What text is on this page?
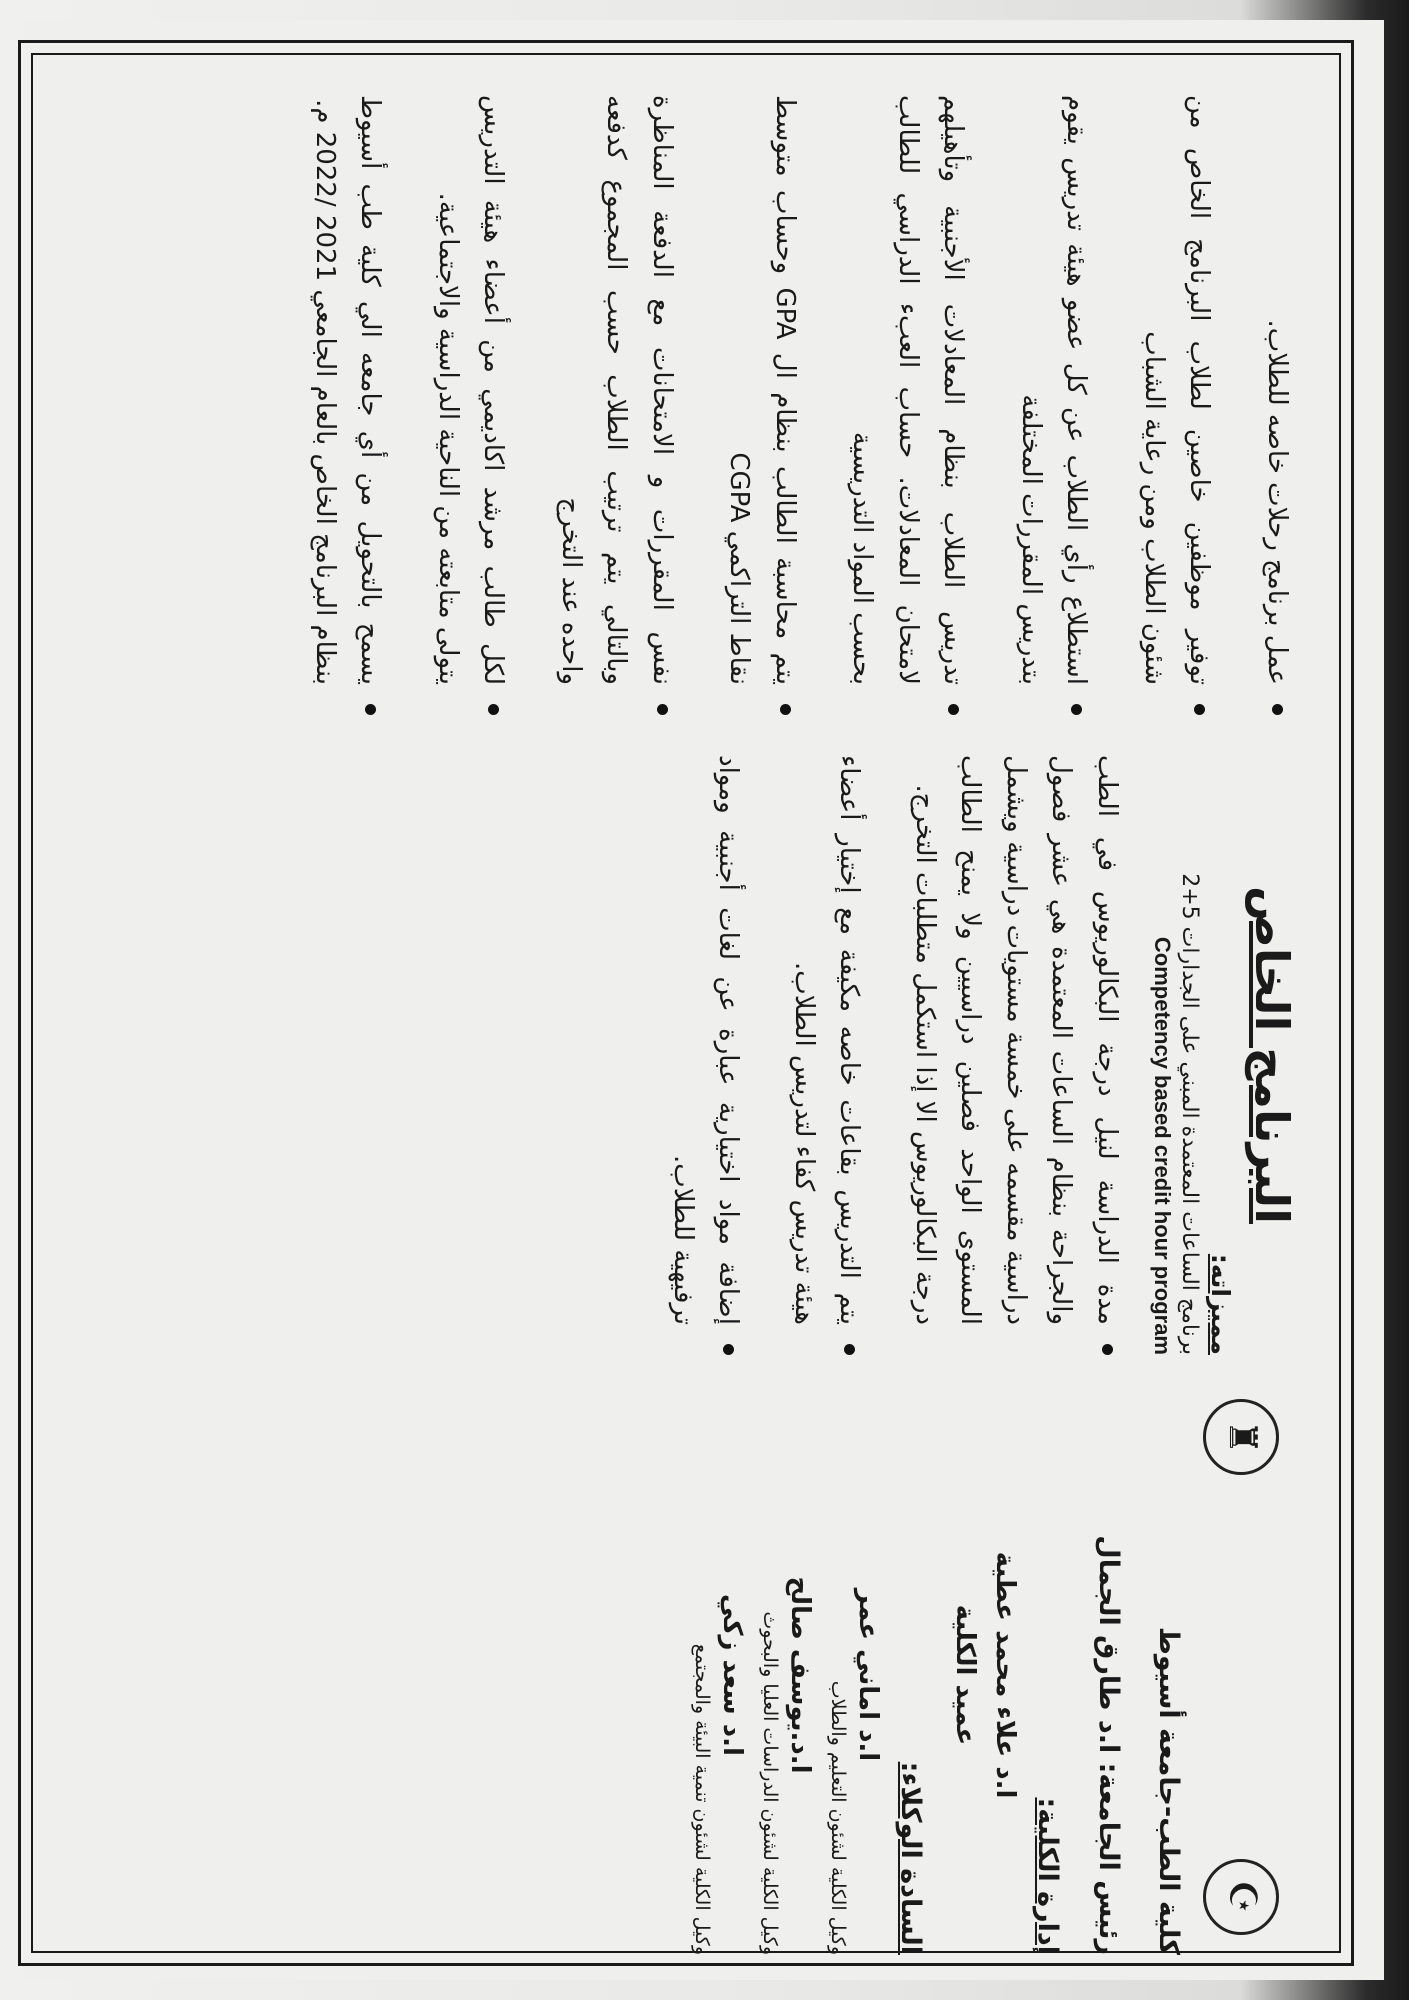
☪
♜
كلية الطب-جامعة أسيوط
رئيس الجامعة: ا.د طارق الجمال
إدارة الكلية:
ا.د علاء محمد عطية
عميد الكلية
السادة الوكلاء:
ا.د اماني عمر
وكيل الكلية لشئون التعليم والطلاب
ا.د.يوسف صالح
وكيل الكلية لشئون الدراسات العليا والبحوث
ا.د سعد زكي
وكيل الكلية لشئون تنمية البيئة والمجتمع
البرنامج الخاص
مميزاته:
برنامج الساعات المعتمدة المبني على الجدارات 5+2
Competency based credit hour program
مدة الدراسة لنيل درجة البكالوريوس في الطب والجراحة بنظام الساعات المعتمدة هي عشر فصول دراسية مقسمه على خمسة مستويات دراسية ويشمل المستوى الواحد فصلين دراسيين ولا يمنح الطالب درجة البكالوريوس الا إذا استكمل متطلبات التخرج.
يتم التدريس بقاعات خاصه مكيفة مع إختيار أعضاء هيئة تدريس كفاء لتدريس الطلاب.
إضافة مواد اختيارية عبارة عن لغات أجنبية ومواد ترفيهية للطلاب.
عمل برنامج رحلات خاصه للطلاب.
توفير موظفين خاصين لطلاب البرنامج الخاص من شئون الطلاب ومن رعاية الشباب
استطلاع رأي الطلاب عن كل عضو هيئة تدريس يقوم بتدريس المقررات المختلفة
تدريس الطلاب بنظام المعادلات الأجنبية وتأهيلهم لامتحان المعادلات. حساب العبء الدراسي للطالب بحسب المواد التدريسية
يتم محاسبة الطالب بنظام ال GPA وحساب متوسط نقاط التراكمي CGPA
نفس المقررات و الامتحانات مع الدفعة المناظرة وبالتالي يتم ترتيب الطلاب حسب المجموع كدفعه واحده عند التخرج
لكل طالب مرشد اكاديمي من أعضاء هيئة التدريس يتولى متابعته من الناحية الدراسية والاجتماعية.
يسمح بالتحويل من أي جامعه الي كلية طب أسيوط بنظام البرنامج الخاص بالعام الجامعي 2021 /2022 م.
